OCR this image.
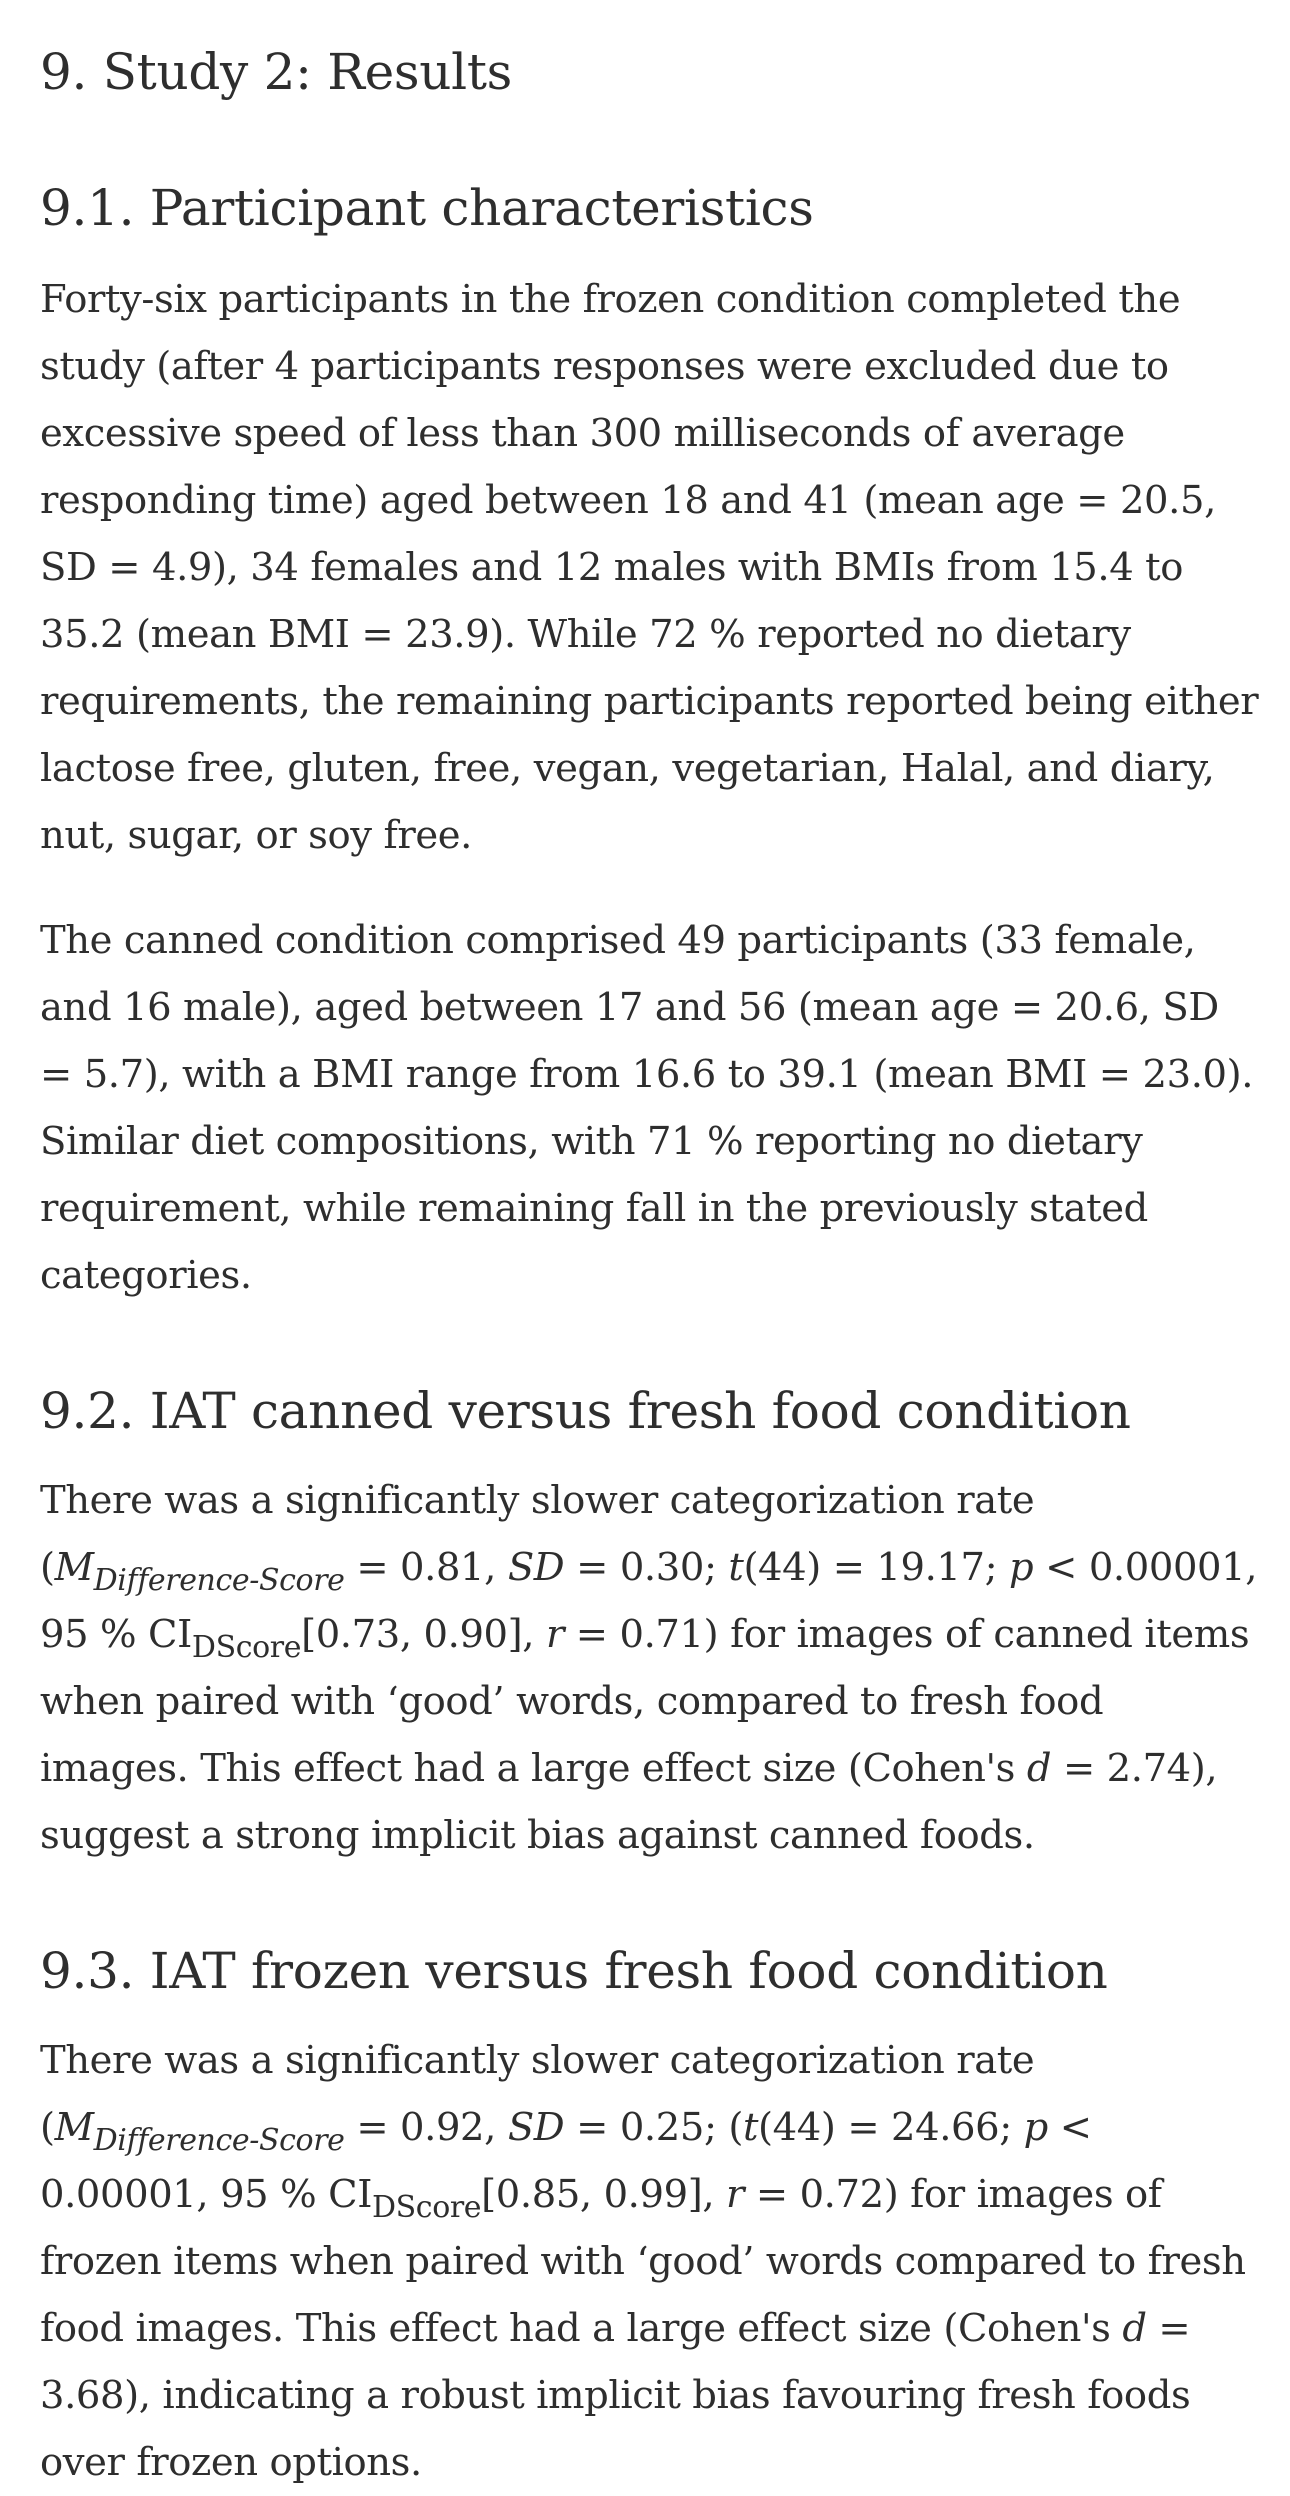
9. Study 2: Results
9.1. Participant characteristics

Forty-six participants in the frozen condition completed the study (after 4 participants responses were excluded due to excessive speed of less than 300 milliseconds of average responding time) aged between 18 and 41 (mean age = 20.5, SD = 4.9), 34 females and 12 males with BMIs from 15.4 to 35.2 (mean BMI = 23.9). While 72 % reported no dietary requirements, the remaining participants reported being either lactose free, gluten, free, vegan, vegetarian, Halal, and diary, nut, sugar, or soy free.

The canned condition comprised 49 participants (33 female, and 16 male), aged between 17 and 56 (mean age = 20.6, SD = 5.7), with a BMI range from 16.6 to 39.1 (mean BMI = 23.0). Similar diet compositions, with 71 % reporting no dietary requirement, while remaining fall in the previously stated categories.

9.2. IAT canned versus fresh food condition

There was a significantly slower categorization rate ($M_{Difference-Score} = 0.81$, SD = 0.30; t(44) = 19.17; p < 0.00001, 95 % $CI_{DScore}[0.73$, 0.90], r = 0.71) for images of canned items when paired with ‘good’ words, compared to fresh food images. This effect had a large effect size (Cohen's d = 2.74), suggest a strong implicit bias against canned foods.

9.3. IAT frozen versus fresh food condition

There was a significantly slower categorization rate ($M_{Difference-Score} = 0.92$, SD = 0.25; (t(44) = 24.66; p < 0.00001, 95 % $CI_{DScore}[0.85$, 0.99], r = 0.72) for images of frozen items when paired with ‘good’ words compared to fresh food images. This effect had a large effect size (Cohen's d = 3.68), indicating a robust implicit bias favouring fresh foods over frozen options.
